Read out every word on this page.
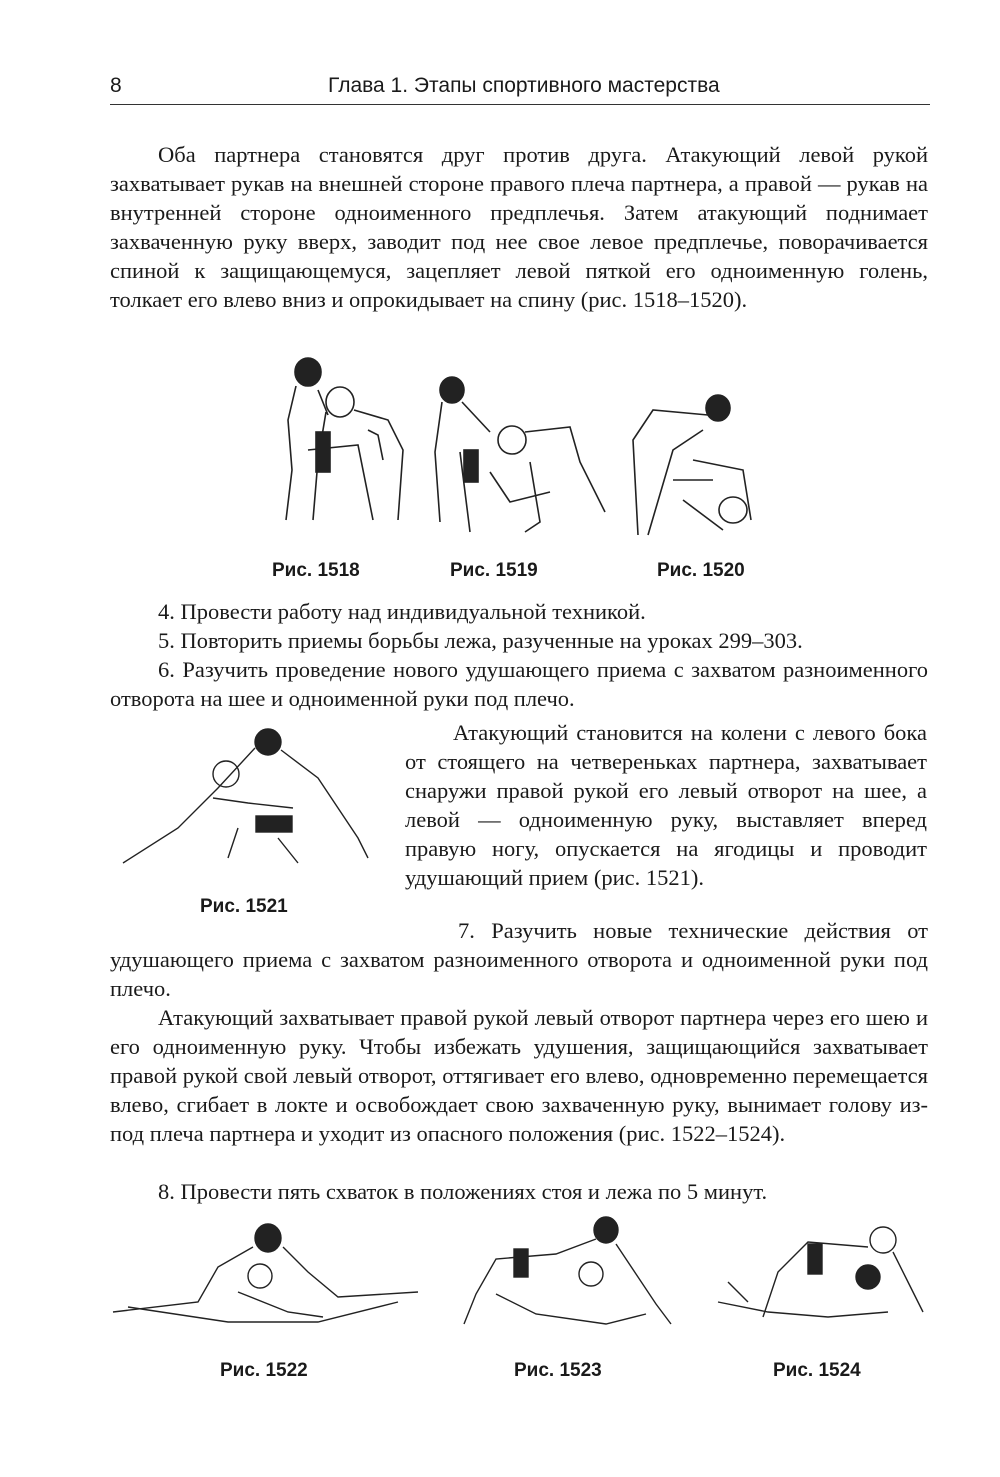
8	Глава 1. Этапы спортивного мастерства

Оба партнера становятся друг против друга. Атакующий левой рукой захватывает рукав на внешней стороне правого плеча партнера, а правой — рукав на внутренней стороне одноименного предплечья. Затем атакующий поднимает захваченную руку вверх, заводит под нее свое левое предплечье, поворачивается спиной к защищающемуся, зацепляет левой пяткой его одноименную голень, толкает его влево вниз и опрокидывает на спину (рис. 1518–1520).

Рис. 1518	Рис. 1519	Рис. 1520

4. Провести работу над индивидуальной техникой.

5. Повторить приемы борьбы лежа, разученные на уроках 299–303.

6. Разучить проведение нового удушающего приема с захватом разноименного отворота на шее и одноименной руки под плечо.

Рис. 1521

Атакующий становится на колени с левого бока от стоящего на четвереньках партнера, захватывает снаружи правой рукой его левый отворот на шее, а левой — одноименную руку, выставляет вперед правую ногу, опускается на ягодицы и проводит удушающий прием (рис. 1521).

7. Разучить новые технические действия от удушающего приема с захватом разноименного отворота и одноименной руки под плечо.

Атакующий захватывает правой рукой левый отворот партнера через его шею и его одноименную руку. Чтобы избежать удушения, защищающийся захватывает правой рукой свой левый отворот, оттягивает его влево, одновременно перемещается влево, сгибает в локте и освобождает свою захваченную руку, вынимает голову из-под плеча партнера и уходит из опасного положения (рис. 1522–1524).

8. Провести пять схваток в положениях стоя и лежа по 5 минут.

Рис. 1522	Рис. 1523	Рис. 1524
